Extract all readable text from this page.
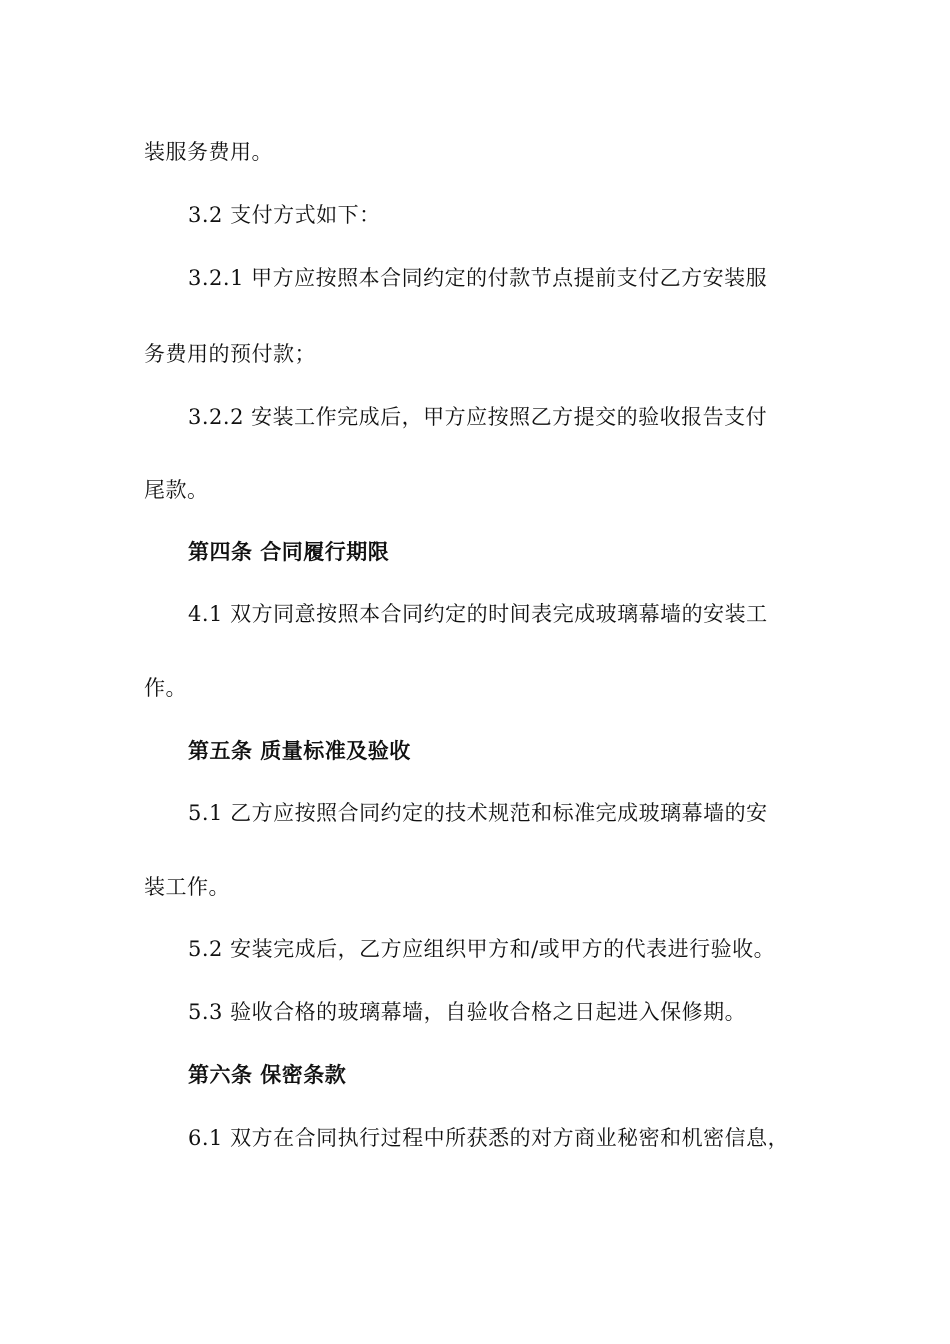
装服务费用。
3.2 支付方式如下：
3.2.1 甲方应按照本合同约定的付款节点提前支付乙方安装服
务费用的预付款；
3.2.2 安装工作完成后，甲方应按照乙方提交的验收报告支付
尾款。
第四条 合同履行期限
4.1 双方同意按照本合同约定的时间表完成玻璃幕墙的安装工
作。
第五条 质量标准及验收
5.1 乙方应按照合同约定的技术规范和标准完成玻璃幕墙的安
装工作。
5.2 安装完成后，乙方应组织甲方和/或甲方的代表进行验收。
5.3 验收合格的玻璃幕墙，自验收合格之日起进入保修期。
第六条 保密条款
6.1 双方在合同执行过程中所获悉的对方商业秘密和机密信息，
